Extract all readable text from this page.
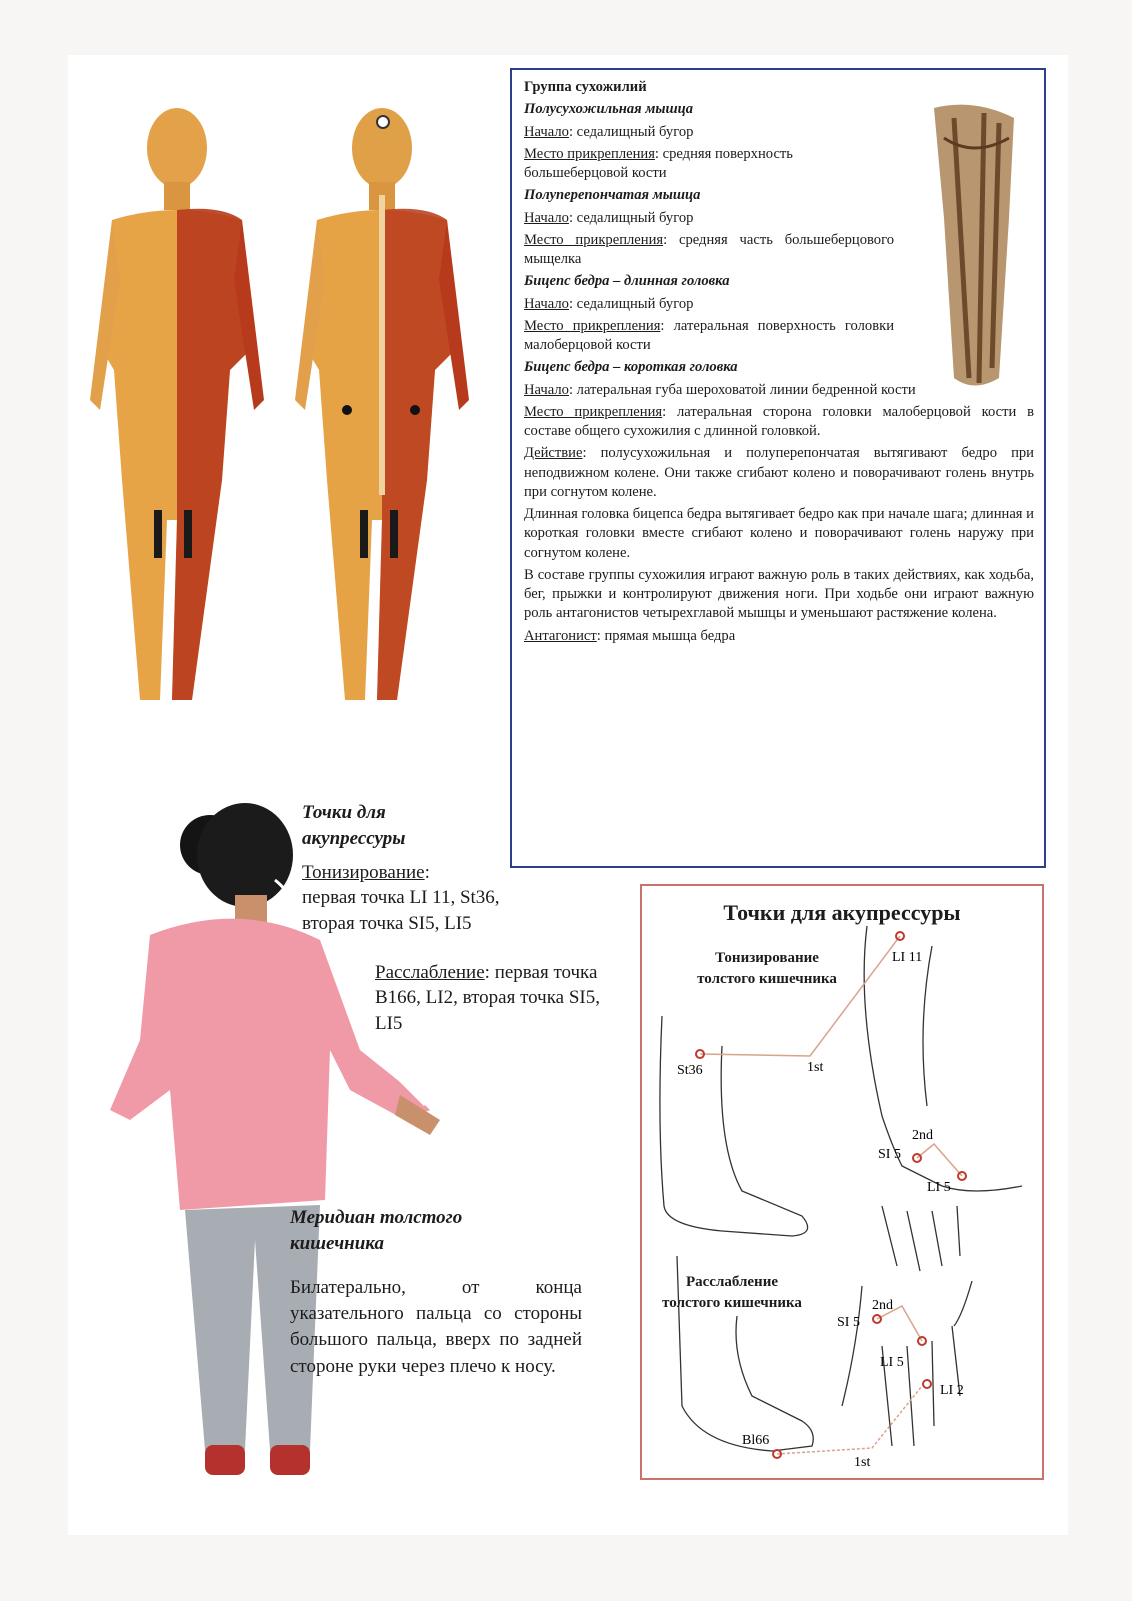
Группа сухожилий

Полусухожильная мышца

Начало: седалищный бугор

Место прикрепления: средняя поверхность большеберцовой кости

Полуперепончатая мышца

Начало: седалищный бугор

Место прикрепления: средняя часть большеберцового мыщелка

Бицепс бедра – длинная головка

Начало: седалищный бугор

Место прикрепления: латеральная поверхность головки малоберцовой кости

Бицепс бедра – короткая головка

Начало: латеральная губа шероховатой линии бедренной кости

Место прикрепления: латеральная сторона головки малоберцовой кости в составе общего сухожилия с длинной головкой.

Действие: полусухожильная и полуперепончатая вытягивают бедро при неподвижном колене. Они также сгибают колено и поворачивают голень внутрь при согнутом колене.

Длинная головка бицепса бедра вытягивает бедро как при начале шага; длинная и короткая головки вместе сгибают колено и поворачивают голень наружу при согнутом колене.

В составе группы сухожилия играют важную роль в таких действиях, как ходьба, бег, прыжки и контролируют движения ноги. При ходьбе они играют важную роль антагонистов четырехглавой мышцы и уменьшают растяжение колена.

Антагонист: прямая мышца бедра

Точки для акупрессуры
Тонизирование:
первая точка LI 11, St36,
вторая точка SI5, LI5
Расслабление: первая точка B166, LI2, вторая точка SI5, LI5
Меридиан толстого кишечника
Билатерально, от конца указательного пальца со стороны большого пальца, вверх по задней стороне руки через плечо к носу.
LI 11
St36	1st
2nd
SI 5
LI 5
2nd
SI 5
LI 5
LI 2
Bl66
1st
Точки для акупрессуры
Тонизирование толстого кишечника
Расслабление толстого кишечника
